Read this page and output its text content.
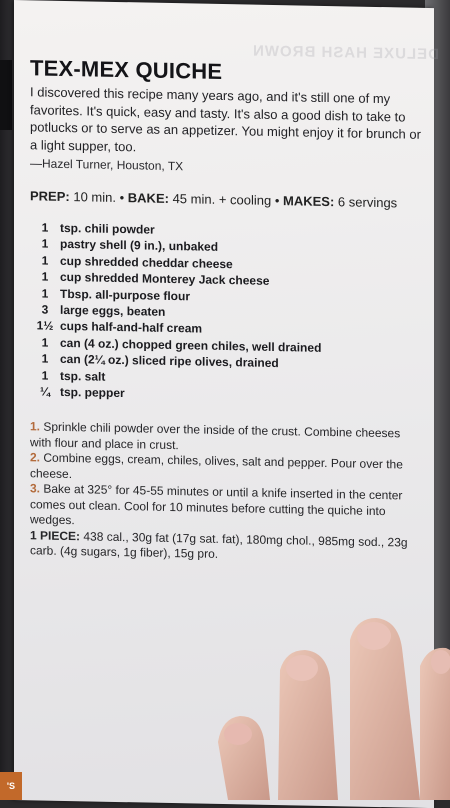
DELUXE HASH BROWN
TEX-MEX QUICHE

I discovered this recipe many years ago, and it's still one of my favorites. It's quick, easy and tasty. It's also a good dish to take to potlucks or to serve as an appetizer. You might enjoy it for brunch or a light supper, too.

—Hazel Turner, Houston, TX

PREP: 10 min. • BAKE: 45 min. + cooling • MAKES: 6 servings

1 tsp. chili powder
1 pastry shell (9 in.), unbaked
1 cup shredded cheddar cheese
1 cup shredded Monterey Jack cheese
1 Tbsp. all-purpose flour
3 large eggs, beaten
1½ cups half-and-half cream
1 can (4 oz.) chopped green chiles, well drained
1 can (2¼ oz.) sliced ripe olives, drained
1 tsp. salt
¼ tsp. pepper
1. Sprinkle chili powder over the inside of the crust. Combine cheeses with flour and place in crust.
2. Combine eggs, cream, chiles, olives, salt and pepper. Pour over the cheese.
3. Bake at 325° for 45-55 minutes or until a knife inserted in the center comes out clean. Cool for 10 minutes before cutting the quiche into wedges.

1 PIECE: 438 cal., 30g fat (17g sat. fat), 180mg chol., 985mg sod., 23g carb. (4g sugars, 1g fiber), 15g pro.

'S
